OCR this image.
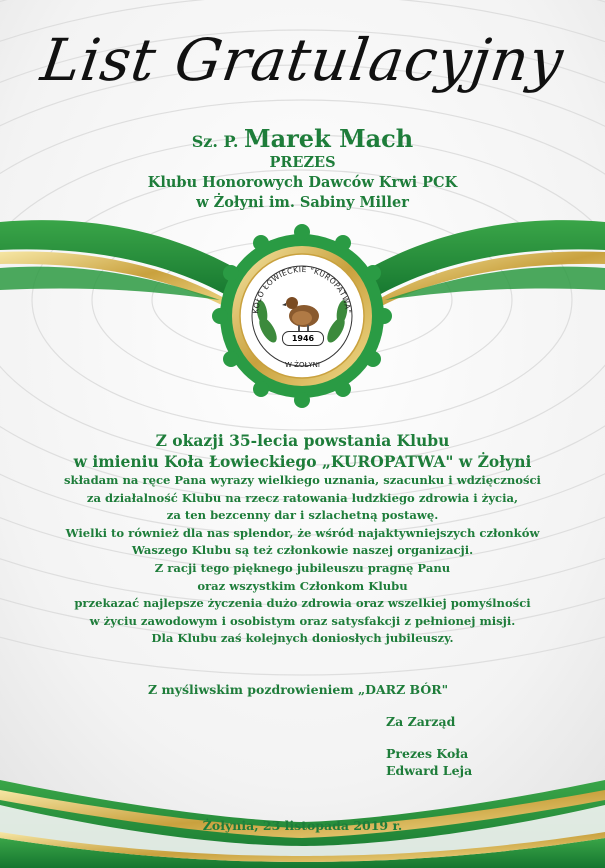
KOŁO ŁOWIECKIE "KUROPATWA"
1946
W ŻOŁYNI
List Gratulacyjny
Sz. P. Marek Mach
PREZES
Klubu Honorowych Dawców Krwi PCK
w Żołyni im. Sabiny Miller
Z okazji 35-lecia powstania Klubu
w imieniu Koła Łowieckiego „KUROPATWA" w Żołyni
składam na ręce Pana wyrazy wielkiego uznania, szacunku i wdzięczności
za działalność Klubu na rzecz ratowania ludzkiego zdrowia i życia,
za ten bezcenny dar i szlachetną postawę.
Wielki to również dla nas splendor, że wśród najaktywniejszych członków
Waszego Klubu są też członkowie naszej organizacji.
Z racji tego pięknego jubileuszu pragnę Panu
oraz wszystkim Członkom Klubu
przekazać najlepsze życzenia dużo zdrowia oraz wszelkiej pomyślności
w życiu zawodowym i osobistym oraz satysfakcji z pełnionej misji.
Dla Klubu zaś kolejnych doniosłych jubileuszy.
Z myśliwskim pozdrowieniem „DARZ BÓR"
Za Zarząd
Prezes Koła
Edward Leja
Żołynia, 23 listopada 2019 r.
